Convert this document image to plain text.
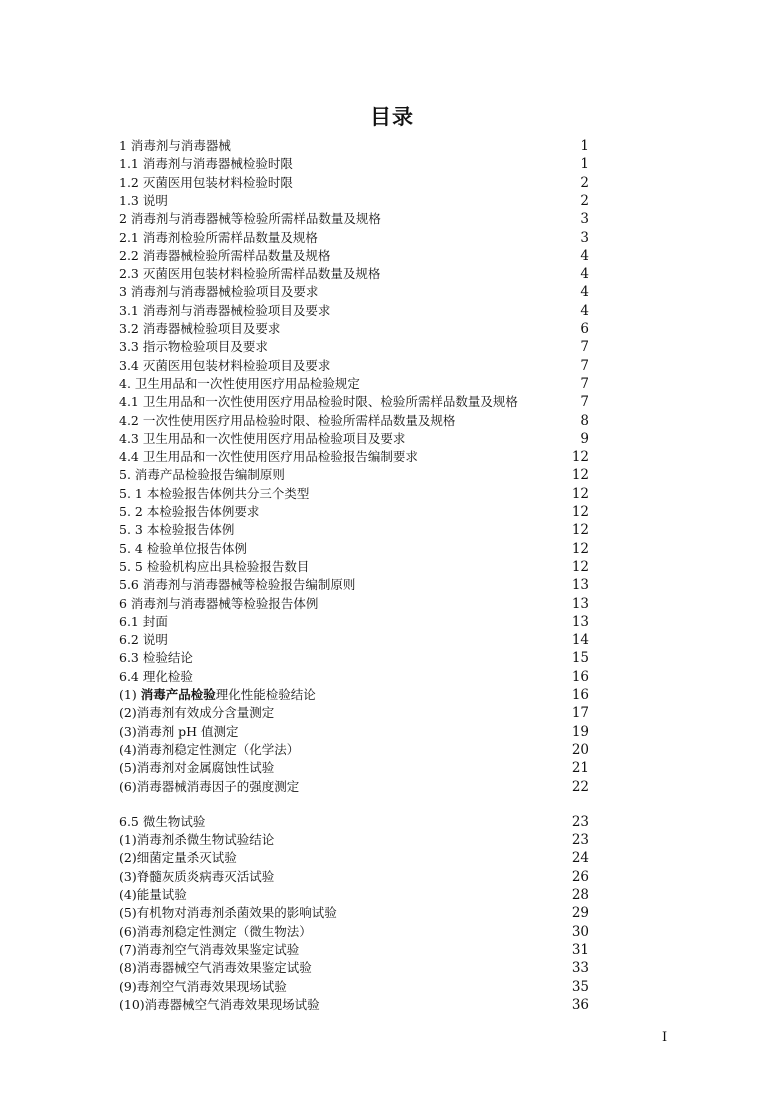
目录
1 消毒剂与消毒器械	1
1.1 消毒剂与消毒器械检验时限	1
1.2 灭菌医用包装材料检验时限	2
1.3 说明	2
2 消毒剂与消毒器械等检验所需样品数量及规格	3
2.1 消毒剂检验所需样品数量及规格	3
2.2 消毒器械检验所需样品数量及规格	4
2.3 灭菌医用包装材料检验所需样品数量及规格	4
3 消毒剂与消毒器械检验项目及要求	4
3.1 消毒剂与消毒器械检验项目及要求	4
3.2 消毒器械检验项目及要求	6
3.3 指示物检验项目及要求	7
3.4 灭菌医用包装材料检验项目及要求	7
4. 卫生用品和一次性使用医疗用品检验规定	7
4.1 卫生用品和一次性使用医疗用品检验时限、检验所需样品数量及规格	7
4.2 一次性使用医疗用品检验时限、检验所需样品数量及规格	8
4.3 卫生用品和一次性使用医疗用品检验项目及要求	9
4.4 卫生用品和一次性使用医疗用品检验报告编制要求	12
5. 消毒产品检验报告编制原则	12
5. 1 本检验报告体例共分三个类型	12
5. 2 本检验报告体例要求	12
5. 3 本检验报告体例	12
5. 4 检验单位报告体例	12
5. 5 检验机构应出具检验报告数目	12
5.6 消毒剂与消毒器械等检验报告编制原则	13
6 消毒剂与消毒器械等检验报告体例	13
6.1 封面	13
6.2 说明	14
6.3 检验结论	15
6.4 理化检验	16
(1) 消毒产品检验理化性能检验结论	16
(2)消毒剂有效成分含量测定	17
(3)消毒剂 pH 值测定	19
(4)消毒剂稳定性测定（化学法）	20
(5)消毒剂对金属腐蚀性试验	21
(6)消毒器械消毒因子的强度测定	22
6.5 微生物试验	23
(1)消毒剂杀微生物试验结论	23
(2)细菌定量杀灭试验	24
(3)脊髓灰质炎病毒灭活试验	26
(4)能量试验	28
(5)有机物对消毒剂杀菌效果的影响试验	29
(6)消毒剂稳定性测定（微生物法）	30
(7)消毒剂空气消毒效果鉴定试验	31
(8)消毒器械空气消毒效果鉴定试验	33
(9)毒剂空气消毒效果现场试验	35
(10)消毒器械空气消毒效果现场试验	36
I
